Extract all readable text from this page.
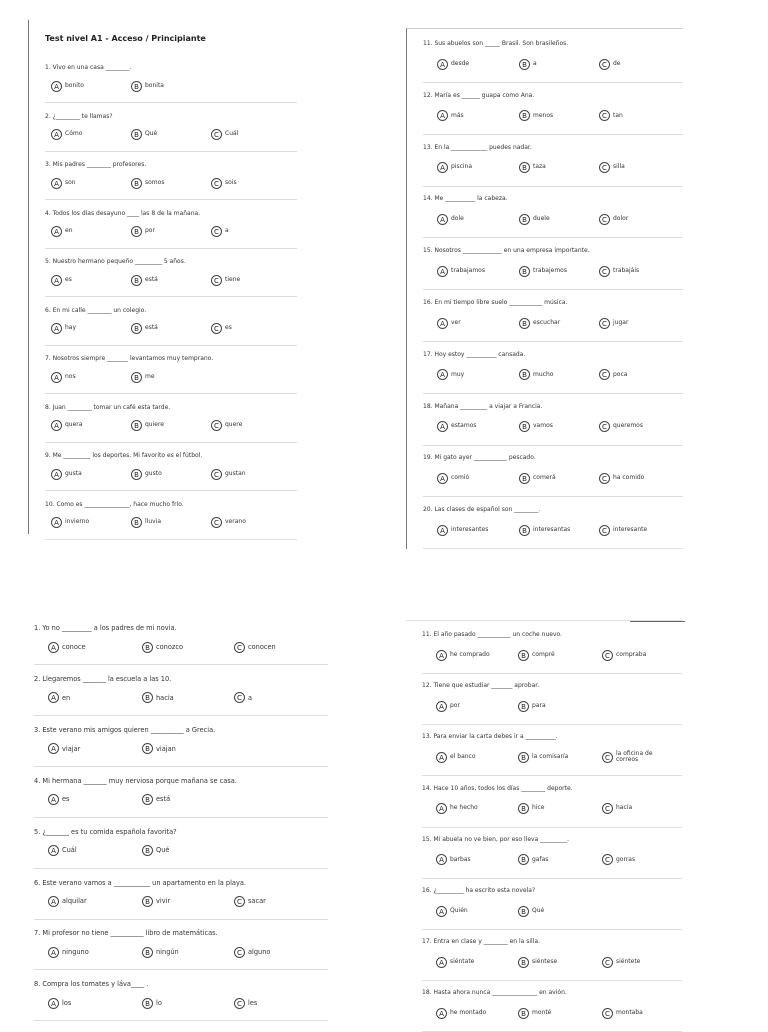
Test nivel A1 - Acceso / Principiante
1. Vivo en una casa ________.
A	bonito	B	bonita
2. ¿________ te llamas?
A	Cómo	B	Qué	C	Cuál
3. Mis padres ________ profesores.
A	son	B	somos	C	sois
4. Todos los días desayuno ____ las 8 de la mañana.
A	en	B	por	C	a
5. Nuestro hermano pequeño _________ 5 años.
A	es	B	está	C	tiene
6. En mi calle ________ un colegio.
A	hay	B	está	C	es
7. Nosotros siempre _______ levantamos muy temprano.
A	nos	B	me
8. Juan ________ tomar un café esta tarde.
A	quera	B	quiere	C	quere
9. Me _________ los deportes. Mi favorito es el fútbol.
A	gusta	B	gusto	C	gustan
10. Como es _______________, hace mucho frío.
A	invierno	B	lluvia	C	verano
11. Sus abuelos son _____ Brasil. Son brasileños.
A	desde	B	a	C	de
12. María es ______ guapa como Ana.
A	más	B	menos	C	tan
13. En la ____________ puedes nadar.
A	piscina	B	taza	C	silla
14. Me __________ la cabeza.
A	dole	B	duele	C	dolor
15. Nosotros _____________ en una empresa importante.
A	trabajamos	B	trabajemos	C	trabajáis
16. En mi tiempo libre suelo ___________ música.
A	ver	B	escuchar	C	jugar
17. Hoy estoy __________ cansada.
A	muy	B	mucho	C	poca
18. Mañana _________ a viajar a Francia.
A	estamos	B	vamos	C	queremos
19. Mi gato ayer ___________ pescado.
A	comió	B	comerá	C	ha comido
20. Las clases de español son ________.
A	interesantes	B	interesantas	C	interesante
1. Yo no _________ a los padres de mi novia.
A conoce	B conozco	C conocen
2. Llegaremos _______ la escuela a las 10.
A en	B hacia	C a
3. Este verano mis amigos quieren __________ a Grecia.
A viajar	B viajan
4. Mi hermana _______ muy nerviosa porque mañana se casa.
A es	B está
5. ¿_______ es tu comida española favorita?
A Cuál	B Qué
6. Este verano vamos a ___________ un apartamento en la playa.
A alquilar	B vivir	C sacar
7. Mi profesor no tiene __________ libro de matemáticas.
A ninguno	B ningún	C alguno
8. Compra los tomates y láva____ .
A los	B lo	C les
11. El año pasado ___________ un coche nuevo.
A	he comprado	B	compré	C	compraba
12. Tiene que estudiar _______ aprobar.
A	por	B	para
13. Para enviar la carta debes ir a __________.
A	el banco	B	la comisaría	C
la oficina de correos
14. Hace 10 años, todos los días ________ deporte.
A	he hecho	B	hice	C	hacía
15. Mi abuela no ve bien, por eso lleva _________.
A	barbas	B	gafas	C	gorras
16. ¿_________ ha escrito esta novela?
A	Quién	B	Qué
17. Entra en clase y ________ en la silla.
A	siéntate	B	siéntese	C	siéntete
18. Hasta ahora nunca _______________ en avión.
A	he montado	B	monté	C	montaba
